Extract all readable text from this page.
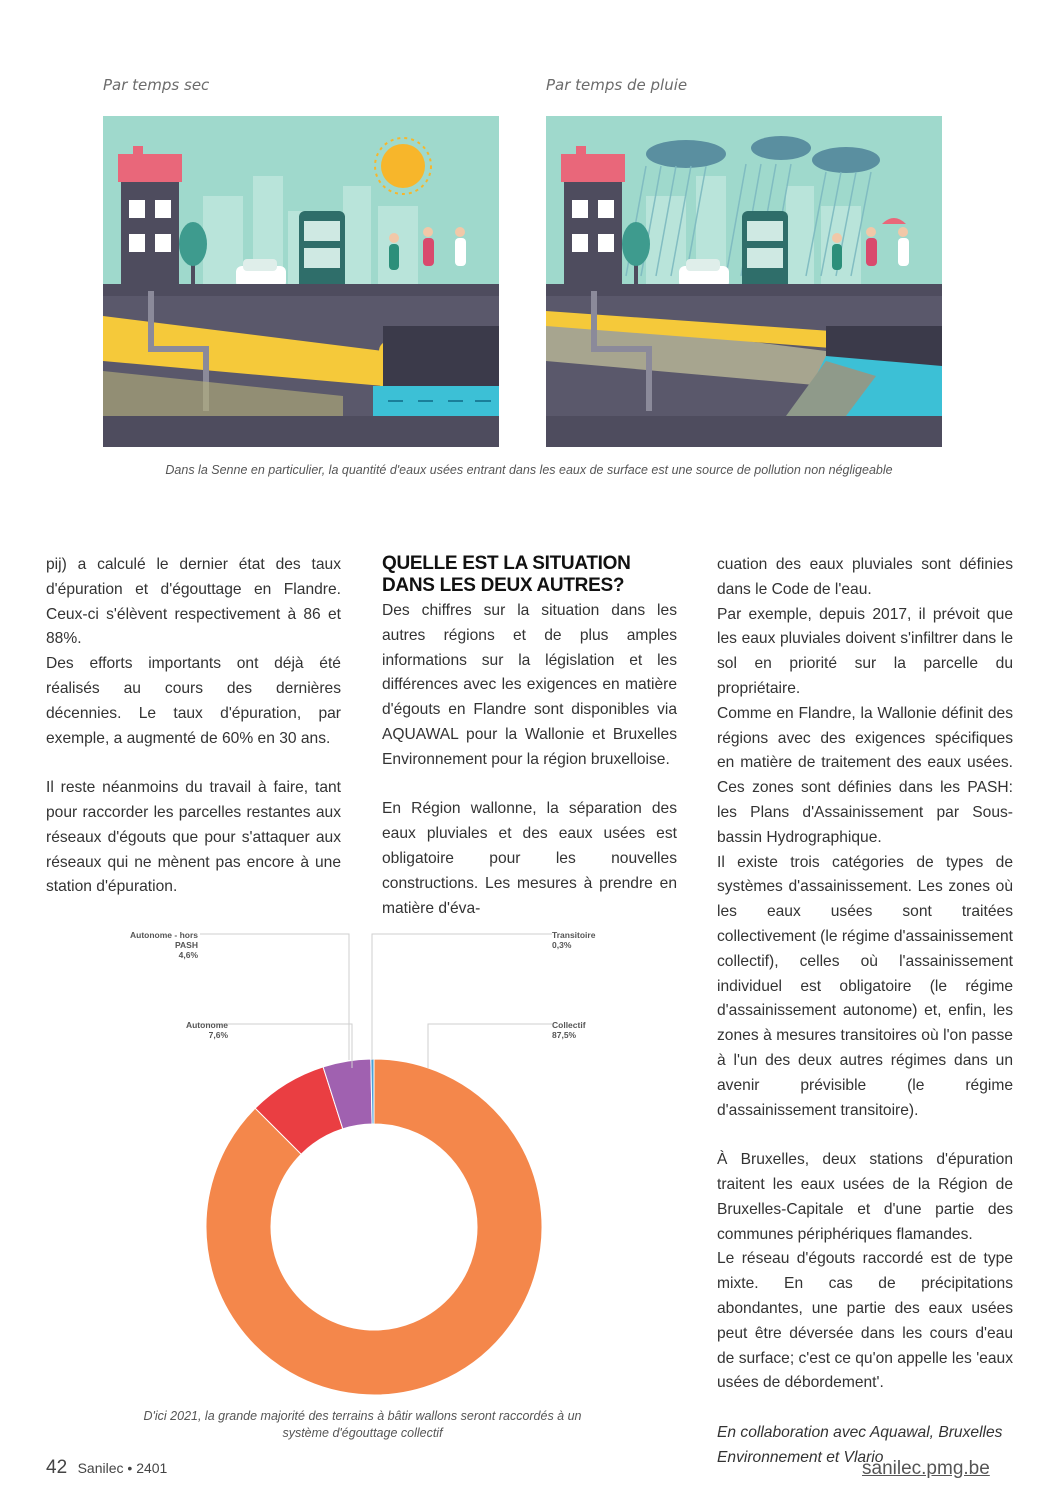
Par temps sec	Par temps de pluie
Dans la Senne en particulier, la quantité d'eaux usées entrant dans les eaux de surface est une source de pollution non négligeable

pij) a calculé le dernier état des taux d'épuration et d'égouttage en Flandre. Ceux-ci s'élèvent respectivement à 86 et 88%.

Des efforts importants ont déjà été réalisés au cours des dernières décennies. Le taux d'épuration, par exemple, a augmenté de 60% en 30 ans.

Il reste néanmoins du travail à faire, tant pour raccorder les parcelles restantes aux réseaux d'égouts que pour s'attaquer aux réseaux qui ne mènent pas encore à une station d'épuration.

QUELLE EST LA SITUATION
DANS LES DEUX AUTRES?

Des chiffres sur la situation dans les autres régions et de plus amples informations sur la législation et les différences avec les exigences en matière d'égouts en Flandre sont disponibles via AQUAWAL pour la Wallonie et Bruxelles Environnement pour la région bruxelloise.

En Région wallonne, la séparation des eaux pluviales et des eaux usées est obligatoire pour les nouvelles constructions. Les mesures à prendre en matière d'éva-

cuation des eaux pluviales sont définies dans le Code de l'eau.

Par exemple, depuis 2017, il prévoit que les eaux pluviales doivent s'infiltrer dans le sol en priorité sur la parcelle du propriétaire.

Comme en Flandre, la Wallonie définit des régions avec des exigences spécifiques en matière de traitement des eaux usées. Ces zones sont définies dans les PASH: les Plans d'Assainissement par Sous-bassin Hydrographique.

Il existe trois catégories de types de systèmes d'assainissement. Les zones où les eaux usées sont traitées collectivement (le régime d'assainissement collectif), celles où l'assainissement individuel est obligatoire (le régime d'assainissement autonome) et, enfin, les zones à mesures transitoires où l'on passe à l'un des deux autres régimes dans un avenir prévisible (le régime d'assainissement transitoire).

À Bruxelles, deux stations d'épuration traitent les eaux usées de la Région de Bruxelles-Capitale et d'une partie des communes périphériques flamandes.

Le réseau d'égouts raccordé est de type mixte. En cas de précipitations abondantes, une partie des eaux usées peut être déversée dans les cours d'eau de surface; c'est ce qu'on appelle les 'eaux usées de débordement'.

En collaboration avec Aquawal, Bruxelles Environnement et Vlario

Collectif
87,5%
Autonome
7,6%
Autonome - hors
PASH
4,6%
Transitoire
0,3%
D'ici 2021, la grande majorité des terrains à bâtir wallons seront raccordés à un système d'égouttage collectif
42 Sanilec • 2401	sanilec.pmg.be
